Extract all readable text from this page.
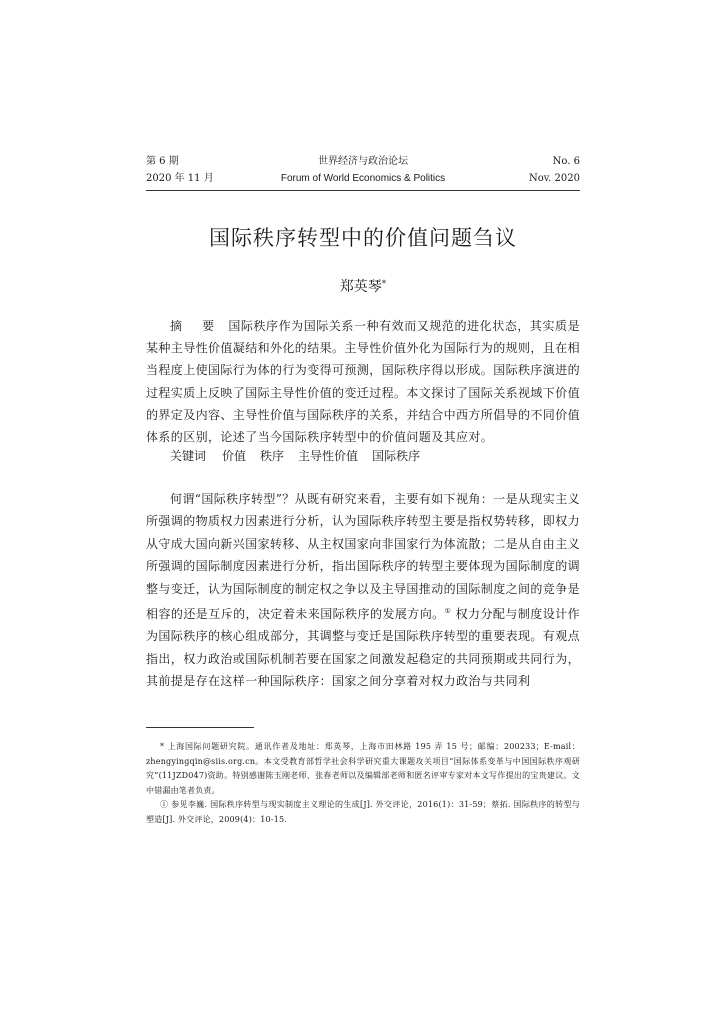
第 6 期	世界经济与政治论坛	No. 6
2020 年 11 月	Forum of World Economics & Politics	Nov. 2020
国际秩序转型中的价值问题刍议
郑英琴*
摘 要 国际秩序作为国际关系一种有效而又规范的进化状态，其实质是某种主导性价值凝结和外化的结果。主导性价值外化为国际行为的规则，且在相当程度上使国际行为体的行为变得可预测，国际秩序得以形成。国际秩序演进的过程实质上反映了国际主导性价值的变迁过程。本文探讨了国际关系视域下价值的界定及内容、主导性价值与国际秩序的关系，并结合中西方所倡导的不同价值体系的区别，论述了当今国际秩序转型中的价值问题及其应对。
关键词 价值 秩序 主导性价值 国际秩序
何谓“国际秩序转型”？从既有研究来看，主要有如下视角：一是从现实主义所强调的物质权力因素进行分析，认为国际秩序转型主要是指权势转移，即权力从守成大国向新兴国家转移、从主权国家向非国家行为体流散；二是从自由主义所强调的国际制度因素进行分析，指出国际秩序的转型主要体现为国际制度的调整与变迁，认为国际制度的制定权之争以及主导国推动的国际制度之间的竞争是相容的还是互斥的，决定着未来国际秩序的发展方向。① 权力分配与制度设计作为国际秩序的核心组成部分，其调整与变迁是国际秩序转型的重要表现。有观点指出，权力政治或国际机制若要在国家之间激发起稳定的共同预期或共同行为，其前提是存在这样一种国际秩序：国家之间分享着对权力政治与共同利

* 上海国际问题研究院。通讯作者及地址：郑英琴，上海市田林路 195 弄 15 号；邮编：200233；E-mail：zhengyingqin@siis.org.cn。本文受教育部哲学社会科学研究重大课题攻关项目“国际体系变革与中国国际秩序观研究”(11JZD047)资助。特别感谢陈玉刚老师、张春老师以及编辑部老师和匿名评审专家对本文写作提出的宝贵建议。文中错漏由笔者负责。

① 参见李巍. 国际秩序转型与现实制度主义理论的生成[J]. 外交评论，2016(1)：31-59；蔡拓. 国际秩序的转型与塑造[J]. 外交评论，2009(4)：10-15.
